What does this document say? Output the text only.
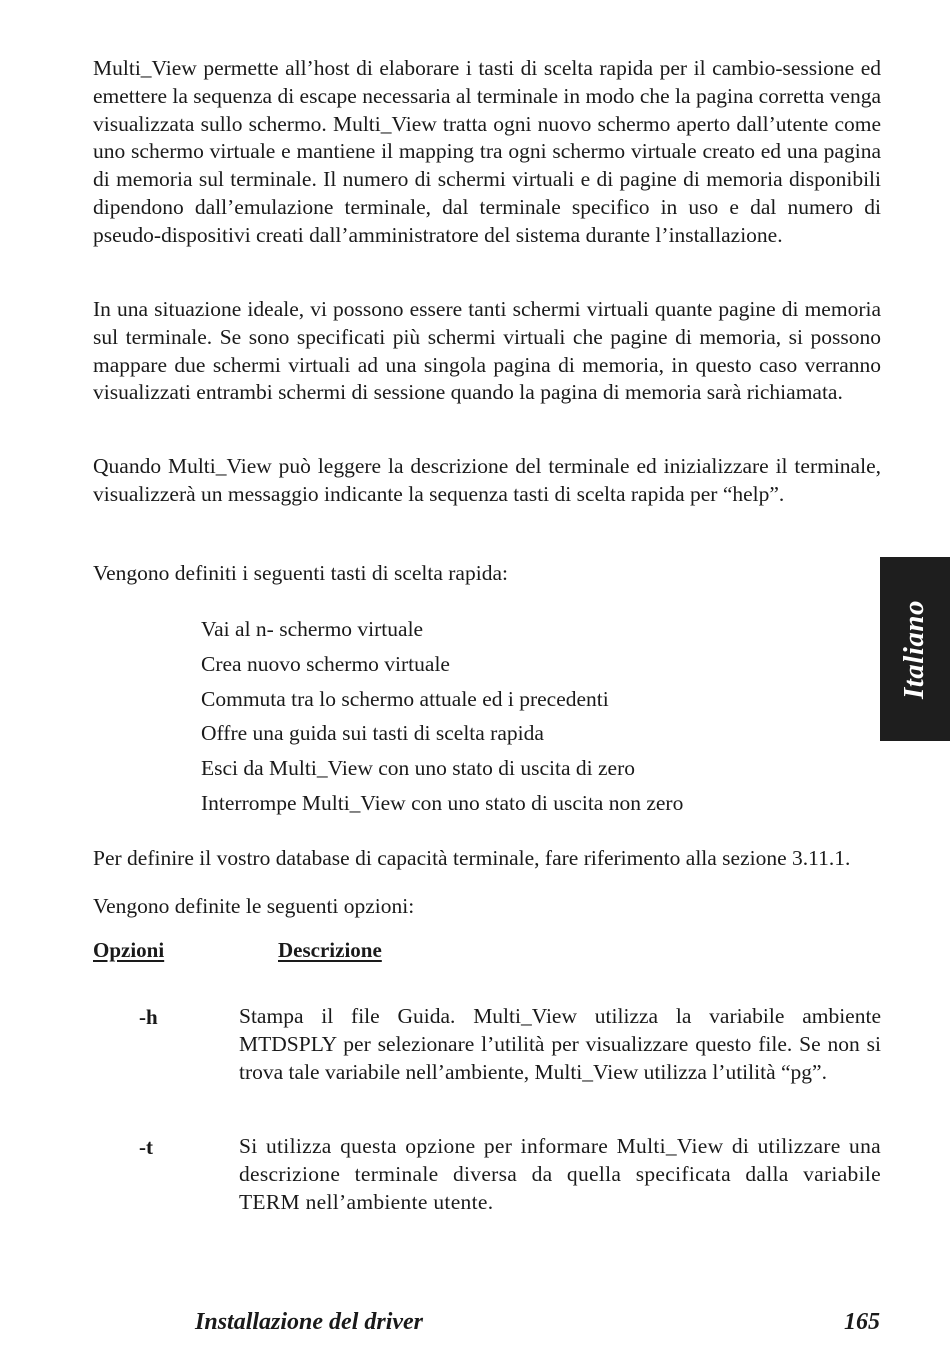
Multi_View permette all’host di elaborare i tasti di scelta rapida per il cambio-sessione ed emettere la sequenza di escape necessaria al terminale in modo che la pagina corretta venga visualizzata sullo schermo. Multi_View tratta ogni nuovo schermo aperto dall’utente come uno schermo virtuale e mantiene il mapping tra ogni schermo virtuale creato ed una pagina di memoria sul terminale. Il numero di schermi virtuali e di pagine di memoria disponibili dipendono dall’emulazione terminale, dal terminale specifico in uso e dal numero di pseudo-dispositivi creati dall’amministratore del sistema durante l’installazione.

In una situazione ideale, vi possono essere tanti schermi virtuali quante pagine di memoria sul terminale. Se sono specificati più schermi virtuali che pagine di memoria, si possono mappare due schermi virtuali ad una singola pagina di memoria, in questo caso verranno visualizzati entrambi schermi di sessione quando la pagina di memoria sarà richiamata.

Quando Multi_View può leggere la descrizione del terminale ed inizializzare il terminale, visualizzerà un messaggio indicante la sequenza tasti di scelta rapida per “help”.

Vengono definiti i seguenti tasti di scelta rapida:

Vai al n‑ schermo virtuale
Crea nuovo schermo virtuale
Commuta tra lo schermo attuale ed i precedenti
Offre una guida sui tasti di scelta rapida
Esci da Multi_View con uno stato di uscita di zero
Interrompe Multi_View con uno stato di uscita non zero

Per definire il vostro database di capacità terminale, fare riferimento alla sezione 3.11.1.

Vengono definite le seguenti opzioni:

Opzioni	Descrizione
-h	Stampa il file Guida. Multi_View utilizza la variabile ambiente MTDSPLY per selezionare l’utilità per visualizzare questo file. Se non si trova tale variabile nell’ambiente, Multi_View utilizza l’utilità “pg”.

-t	Si utilizza questa opzione per informare Multi_View di utilizzare una descrizione terminale diversa da quella specificata dalla variabile TERM nell’ambiente utente.

Italiano
Installazione del driver	165
